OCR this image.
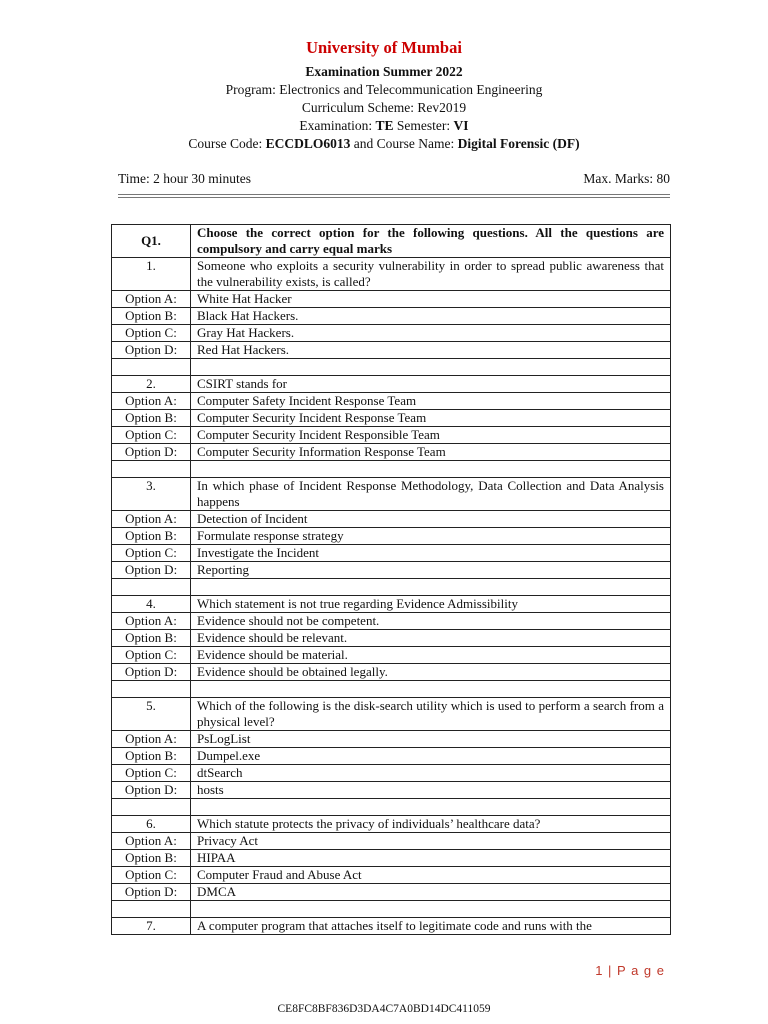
University of Mumbai
Examination Summer 2022
Program: Electronics and Telecommunication Engineering
Curriculum Scheme: Rev2019
Examination: TE Semester: VI
Course Code: ECCDLO6013 and Course Name: Digital Forensic (DF)
Time: 2 hour 30 minutes	Max. Marks: 80
Q1.	Choose the correct option for the following questions. All the questions are compulsory and carry equal marks
1.	Someone who exploits a security vulnerability in order to spread public awareness that the vulnerability exists, is called?
Option A:	White Hat Hacker
Option B:	Black Hat Hackers.
Option C:	Gray Hat Hackers.
Option D:	Red Hat Hackers.

2.	CSIRT stands for
Option A:	Computer Safety Incident Response Team
Option B:	Computer Security Incident Response Team
Option C:	Computer Security Incident Responsible Team
Option D:	Computer Security Information Response Team

3.	In which phase of Incident Response Methodology, Data Collection and Data Analysis happens
Option A:	Detection of Incident
Option B:	Formulate response strategy
Option C:	Investigate the Incident
Option D:	Reporting

4.	Which statement is not true regarding Evidence Admissibility
Option A:	Evidence should not be competent.
Option B:	Evidence should be relevant.
Option C:	Evidence should be material.
Option D:	Evidence should be obtained legally.

5.	Which of the following is the disk-search utility which is used to perform a search from a physical level?
Option A:	PsLogList
Option B:	Dumpel.exe
Option C:	dtSearch
Option D:	hosts

6.	Which statute protects the privacy of individuals’ healthcare data?
Option A:	Privacy Act
Option B:	HIPAA
Option C:	Computer Fraud and Abuse Act
Option D:	DMCA

7.	A computer program that attaches itself to legitimate code and runs with the
1 | P a g e
CE8FC8BF836D3DA4C7A0BD14DC411059
